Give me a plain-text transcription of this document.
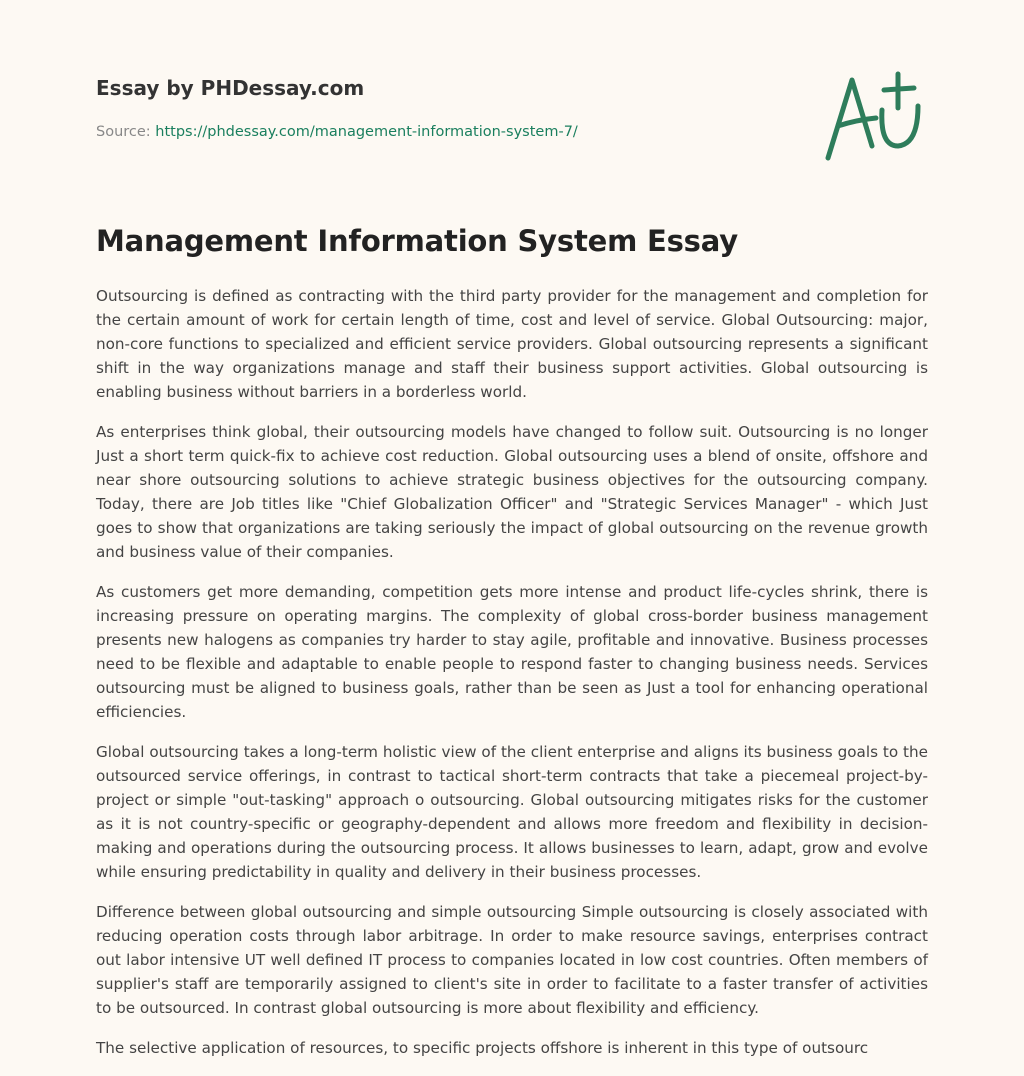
Essay by PHDessay.com

Source: https://phdessay.com/management-information-system-7/

Management Information System Essay

Outsourcing is defined as contracting with the third party provider for the management and completion for the certain amount of work for certain length of time, cost and level of service. Global Outsourcing: major, non-core functions to specialized and efficient service providers. Global outsourcing represents a significant shift in the way organizations manage and staff their business support activities. Global outsourcing is enabling business without barriers in a borderless world.

As enterprises think global, their outsourcing models have changed to follow suit. Outsourcing is no longer Just a short term quick-fix to achieve cost reduction. Global outsourcing uses a blend of onsite, offshore and near shore outsourcing solutions to achieve strategic business objectives for the outsourcing company. Today, there are Job titles like "Chief Globalization Officer" and "Strategic Services Manager" - which Just goes to show that organizations are taking seriously the impact of global outsourcing on the revenue growth and business value of their companies.

As customers get more demanding, competition gets more intense and product life-cycles shrink, there is increasing pressure on operating margins. The complexity of global cross-border business management presents new halogens as companies try harder to stay agile, profitable and innovative. Business processes need to be flexible and adaptable to enable people to respond faster to changing business needs. Services outsourcing must be aligned to business goals, rather than be seen as Just a tool for enhancing operational efficiencies.

Global outsourcing takes a long-term holistic view of the client enterprise and aligns its business goals to the outsourced service offerings, in contrast to tactical short-term contracts that take a piecemeal project-by-project or simple "out-tasking" approach o outsourcing. Global outsourcing mitigates risks for the customer as it is not country-specific or geography-dependent and allows more freedom and flexibility in decision-making and operations during the outsourcing process. It allows businesses to learn, adapt, grow and evolve while ensuring predictability in quality and delivery in their business processes.

Difference between global outsourcing and simple outsourcing Simple outsourcing is closely associated with reducing operation costs through labor arbitrage. In order to make resource savings, enterprises contract out labor intensive UT well defined IT process to companies located in low cost countries. Often members of supplier's staff are temporarily assigned to client's site in order to facilitate to a faster transfer of activities to be outsourced. In contrast global outsourcing is more about flexibility and efficiency.

The selective application of resources, to specific projects offshore is inherent in this type of outsourc
